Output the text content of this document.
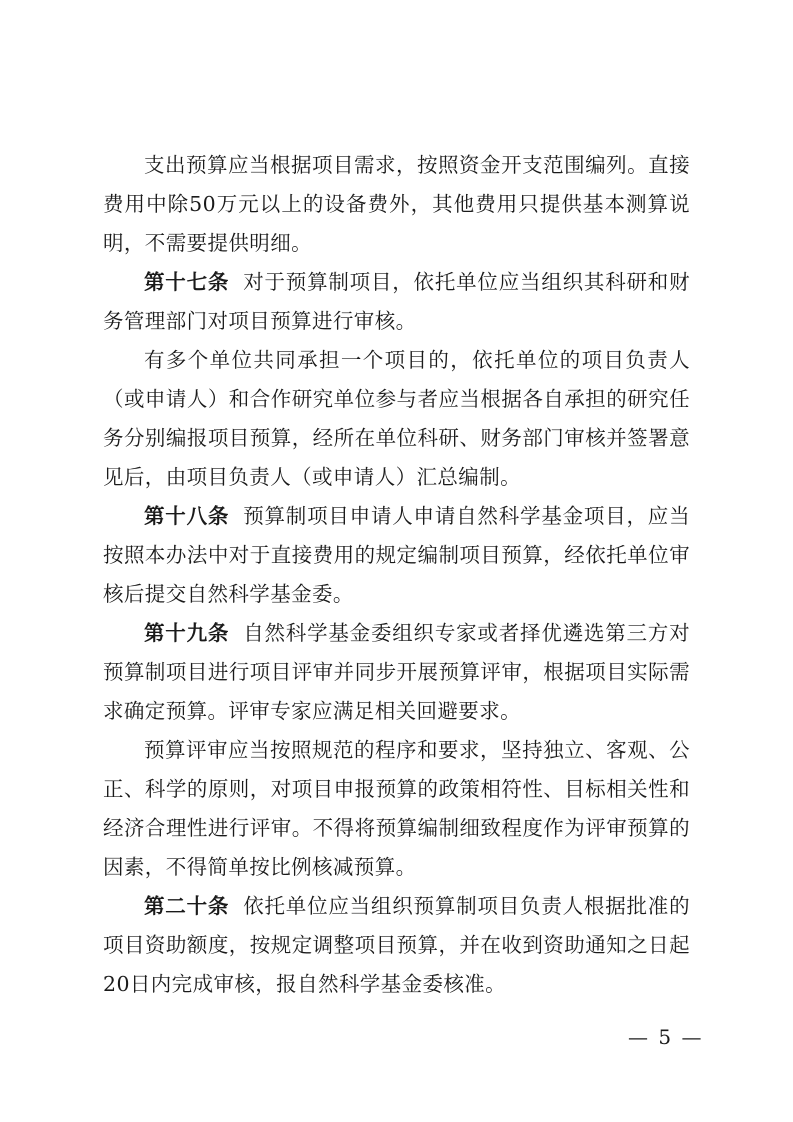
支出预算应当根据项目需求，按照资金开支范围编列。直接费用中除50万元以上的设备费外，其他费用只提供基本测算说明，不需要提供明细。

第十七条 对于预算制项目，依托单位应当组织其科研和财务管理部门对项目预算进行审核。

有多个单位共同承担一个项目的，依托单位的项目负责人（或申请人）和合作研究单位参与者应当根据各自承担的研究任务分别编报项目预算，经所在单位科研、财务部门审核并签署意见后，由项目负责人（或申请人）汇总编制。

第十八条 预算制项目申请人申请自然科学基金项目，应当按照本办法中对于直接费用的规定编制项目预算，经依托单位审核后提交自然科学基金委。

第十九条 自然科学基金委组织专家或者择优遴选第三方对预算制项目进行项目评审并同步开展预算评审，根据项目实际需求确定预算。评审专家应满足相关回避要求。

预算评审应当按照规范的程序和要求，坚持独立、客观、公正、科学的原则，对项目申报预算的政策相符性、目标相关性和经济合理性进行评审。不得将预算编制细致程度作为评审预算的因素，不得简单按比例核减预算。

第二十条 依托单位应当组织预算制项目负责人根据批准的项目资助额度，按规定调整项目预算，并在收到资助通知之日起20日内完成审核，报自然科学基金委核准。

— 5 —
